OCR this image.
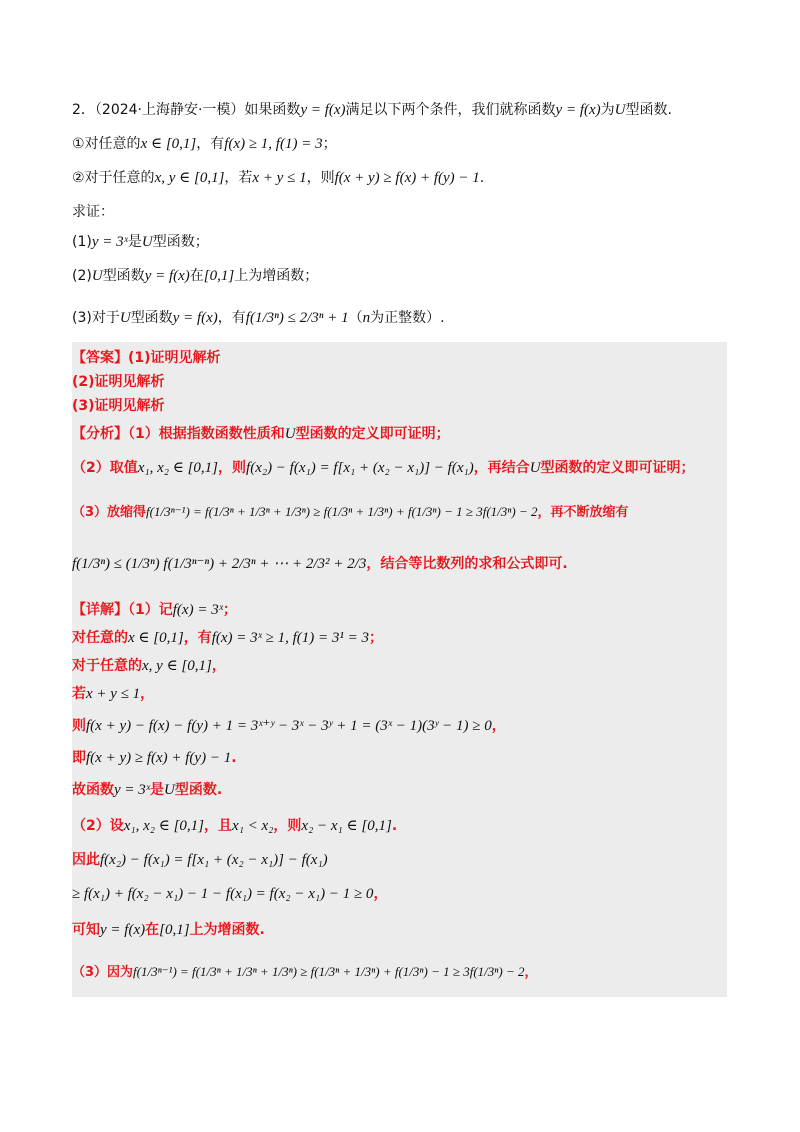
2．（2024·上海静安·一模）如果函数y = f(x)满足以下两个条件，我们就称函数y = f(x)为U型函数.
①对任意的x ∈ [0,1]，有f(x) ≥ 1, f(1) = 3；
②对于任意的x, y ∈ [0,1]，若x + y ≤ 1，则f(x + y) ≥ f(x) + f(y) − 1.
求证：
(1)y = 3ˣ是U型函数；
(2)U型函数y = f(x)在[0,1]上为增函数；
(3)对于U型函数y = f(x)，有f(1/3ⁿ) ≤ 2/3ⁿ + 1（n为正整数）.
【答案】(1)证明见解析
(2)证明见解析
(3)证明见解析
【分析】（1）根据指数函数性质和U型函数的定义即可证明；
（2）取值x₁, x₂ ∈ [0,1]，则f(x₂) − f(x₁) = f[x₁ + (x₂ − x₁)] − f(x₁)，再结合U型函数的定义即可证明；
（3）放缩得f(1/3ⁿ⁻¹) = f(1/3ⁿ + 1/3ⁿ + 1/3ⁿ) ≥ f(1/3ⁿ + 1/3ⁿ) + f(1/3ⁿ) − 1 ≥ 3f(1/3ⁿ) − 2，再不断放缩有
f(1/3ⁿ) ≤ (1/3ⁿ) f(1/3ⁿ⁻ⁿ) + 2/3ⁿ + ⋯ + 2/3² + 2/3，结合等比数列的求和公式即可.
【详解】（1）记f(x) = 3ˣ；
对任意的x ∈ [0,1]，有f(x) = 3ˣ ≥ 1, f(1) = 3¹ = 3；
对于任意的x, y ∈ [0,1]，
若x + y ≤ 1，
则f(x + y) − f(x) − f(y) + 1 = 3ˣ⁺ʸ − 3ˣ − 3ʸ + 1 = (3ˣ − 1)(3ʸ − 1) ≥ 0，
即f(x + y) ≥ f(x) + f(y) − 1.
故函数y = 3ˣ是U型函数.
（2）设x₁, x₂ ∈ [0,1]，且x₁ < x₂，则x₂ − x₁ ∈ [0,1].
因此f(x₂) − f(x₁) = f[x₁ + (x₂ − x₁)] − f(x₁)
≥ f(x₁) + f(x₂ − x₁) − 1 − f(x₁) = f(x₂ − x₁) − 1 ≥ 0，
可知y = f(x)在[0,1]上为增函数.
（3）因为f(1/3ⁿ⁻¹) = f(1/3ⁿ + 1/3ⁿ + 1/3ⁿ) ≥ f(1/3ⁿ + 1/3ⁿ) + f(1/3ⁿ) − 1 ≥ 3f(1/3ⁿ) − 2，
